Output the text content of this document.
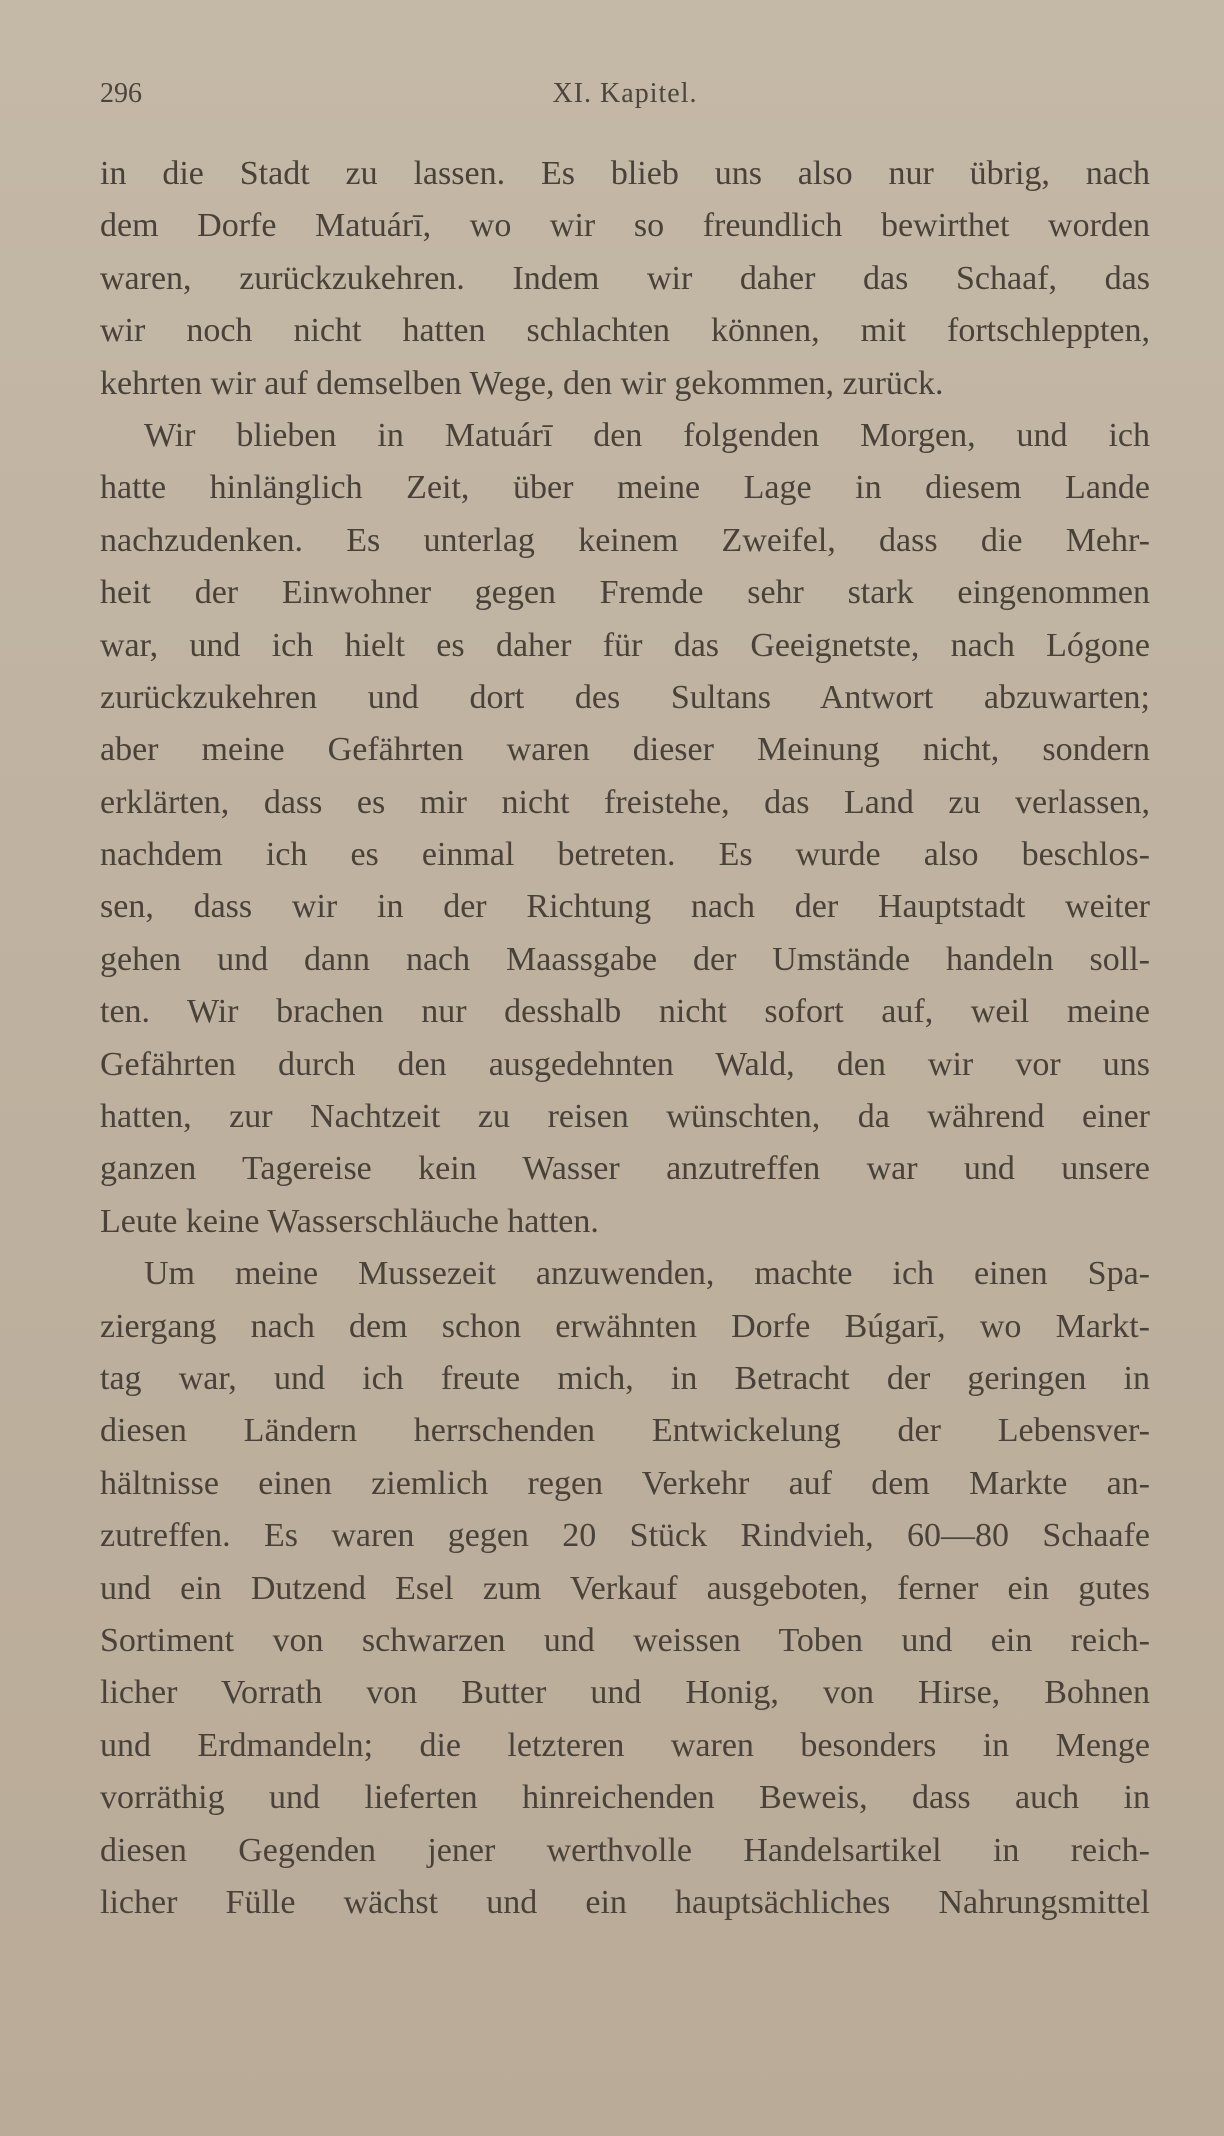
296	XI. Kapitel.
in die Stadt zu lassen. Es blieb uns also nur übrig, nach
dem Dorfe Matuárī, wo wir so freundlich bewirthet worden
waren, zurückzukehren. Indem wir daher das Schaaf, das
wir noch nicht hatten schlachten können, mit fortschleppten,
kehrten wir auf demselben Wege, den wir gekommen, zurück.
Wir blieben in Matuárī den folgenden Morgen, und ich
hatte hinlänglich Zeit, über meine Lage in diesem Lande
nachzudenken. Es unterlag keinem Zweifel, dass die Mehr-
heit der Einwohner gegen Fremde sehr stark eingenommen
war, und ich hielt es daher für das Geeignetste, nach Lógone
zurückzukehren und dort des Sultans Antwort abzuwarten;
aber meine Gefährten waren dieser Meinung nicht, sondern
erklärten, dass es mir nicht freistehe, das Land zu verlassen,
nachdem ich es einmal betreten. Es wurde also beschlos-
sen, dass wir in der Richtung nach der Hauptstadt weiter
gehen und dann nach Maassgabe der Umstände handeln soll-
ten. Wir brachen nur desshalb nicht sofort auf, weil meine
Gefährten durch den ausgedehnten Wald, den wir vor uns
hatten, zur Nachtzeit zu reisen wünschten, da während einer
ganzen Tagereise kein Wasser anzutreffen war und unsere
Leute keine Wasserschläuche hatten.
Um meine Mussezeit anzuwenden, machte ich einen Spa-
ziergang nach dem schon erwähnten Dorfe Búgarī, wo Markt-
tag war, und ich freute mich, in Betracht der geringen in
diesen Ländern herrschenden Entwickelung der Lebensver-
hältnisse einen ziemlich regen Verkehr auf dem Markte an-
zutreffen. Es waren gegen 20 Stück Rindvieh, 60—80 Schaafe
und ein Dutzend Esel zum Verkauf ausgeboten, ferner ein gutes
Sortiment von schwarzen und weissen Toben und ein reich-
licher Vorrath von Butter und Honig, von Hirse, Bohnen
und Erdmandeln; die letzteren waren besonders in Menge
vorräthig und lieferten hinreichenden Beweis, dass auch in
diesen Gegenden jener werthvolle Handelsartikel in reich-
licher Fülle wächst und ein hauptsächliches Nahrungsmittel
